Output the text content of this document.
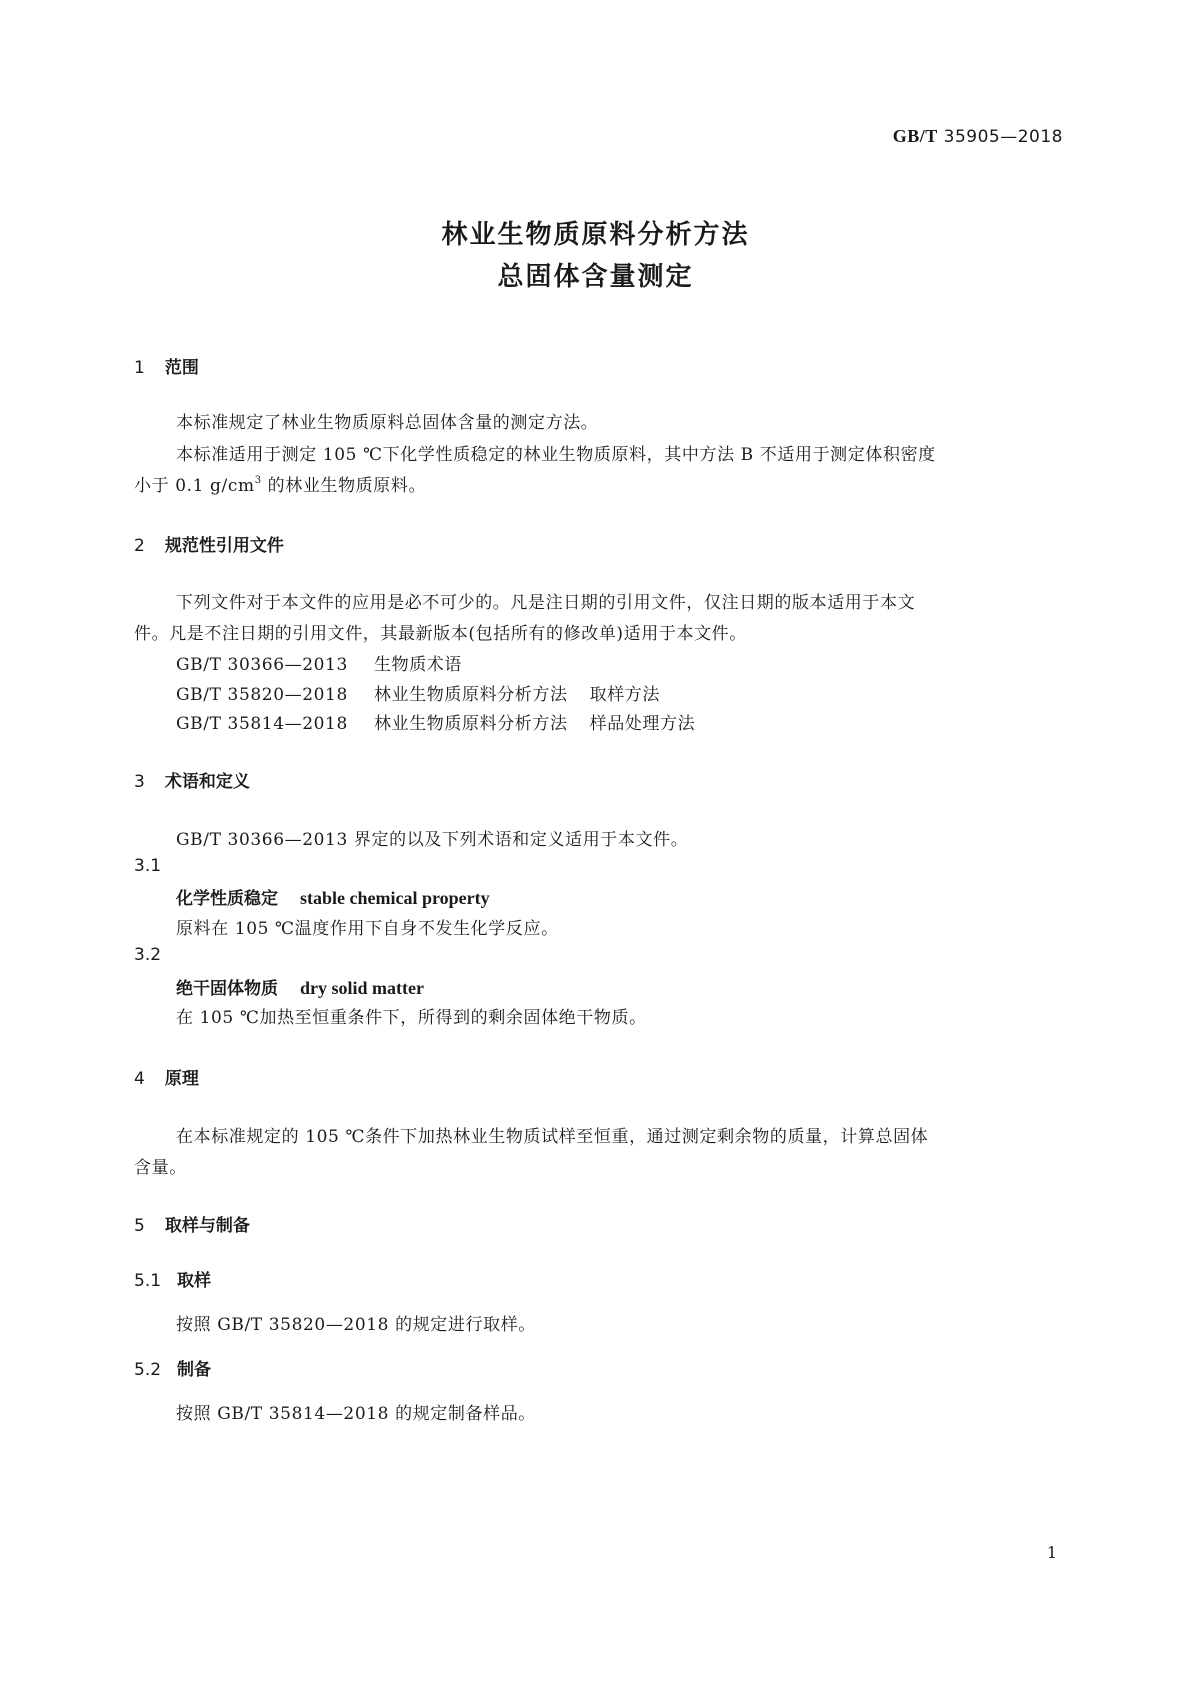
GB/T 35905—2018
林业生物质原料分析方法
总固体含量测定
1 范围
本标准规定了林业生物质原料总固体含量的测定方法。
本标准适用于测定 105 ℃下化学性质稳定的林业生物质原料，其中方法 B 不适用于测定体积密度
小于 0.1 $g/cm^3$ 的林业生物质原料。
2 规范性引用文件
下列文件对于本文件的应用是必不可少的。凡是注日期的引用文件，仅注日期的版本适用于本文
件。凡是不注日期的引用文件，其最新版本(包括所有的修改单)适用于本文件。
GB/T 30366—2013 生物质术语
GB/T 35820—2018 林业生物质原料分析方法 取样方法
GB/T 35814—2018 林业生物质原料分析方法 样品处理方法
3 术语和定义
GB/T 30366—2013 界定的以及下列术语和定义适用于本文件。
3.1
化学性质稳定 stable chemical property
原料在 105 ℃温度作用下自身不发生化学反应。
3.2
绝干固体物质 dry solid matter
在 105 ℃加热至恒重条件下，所得到的剩余固体绝干物质。
4 原理
在本标准规定的 105 ℃条件下加热林业生物质试样至恒重，通过测定剩余物的质量，计算总固体
含量。
5 取样与制备
5.1 取样
按照 GB/T 35820—2018 的规定进行取样。
5.2 制备
按照 GB/T 35814—2018 的规定制备样品。
1
